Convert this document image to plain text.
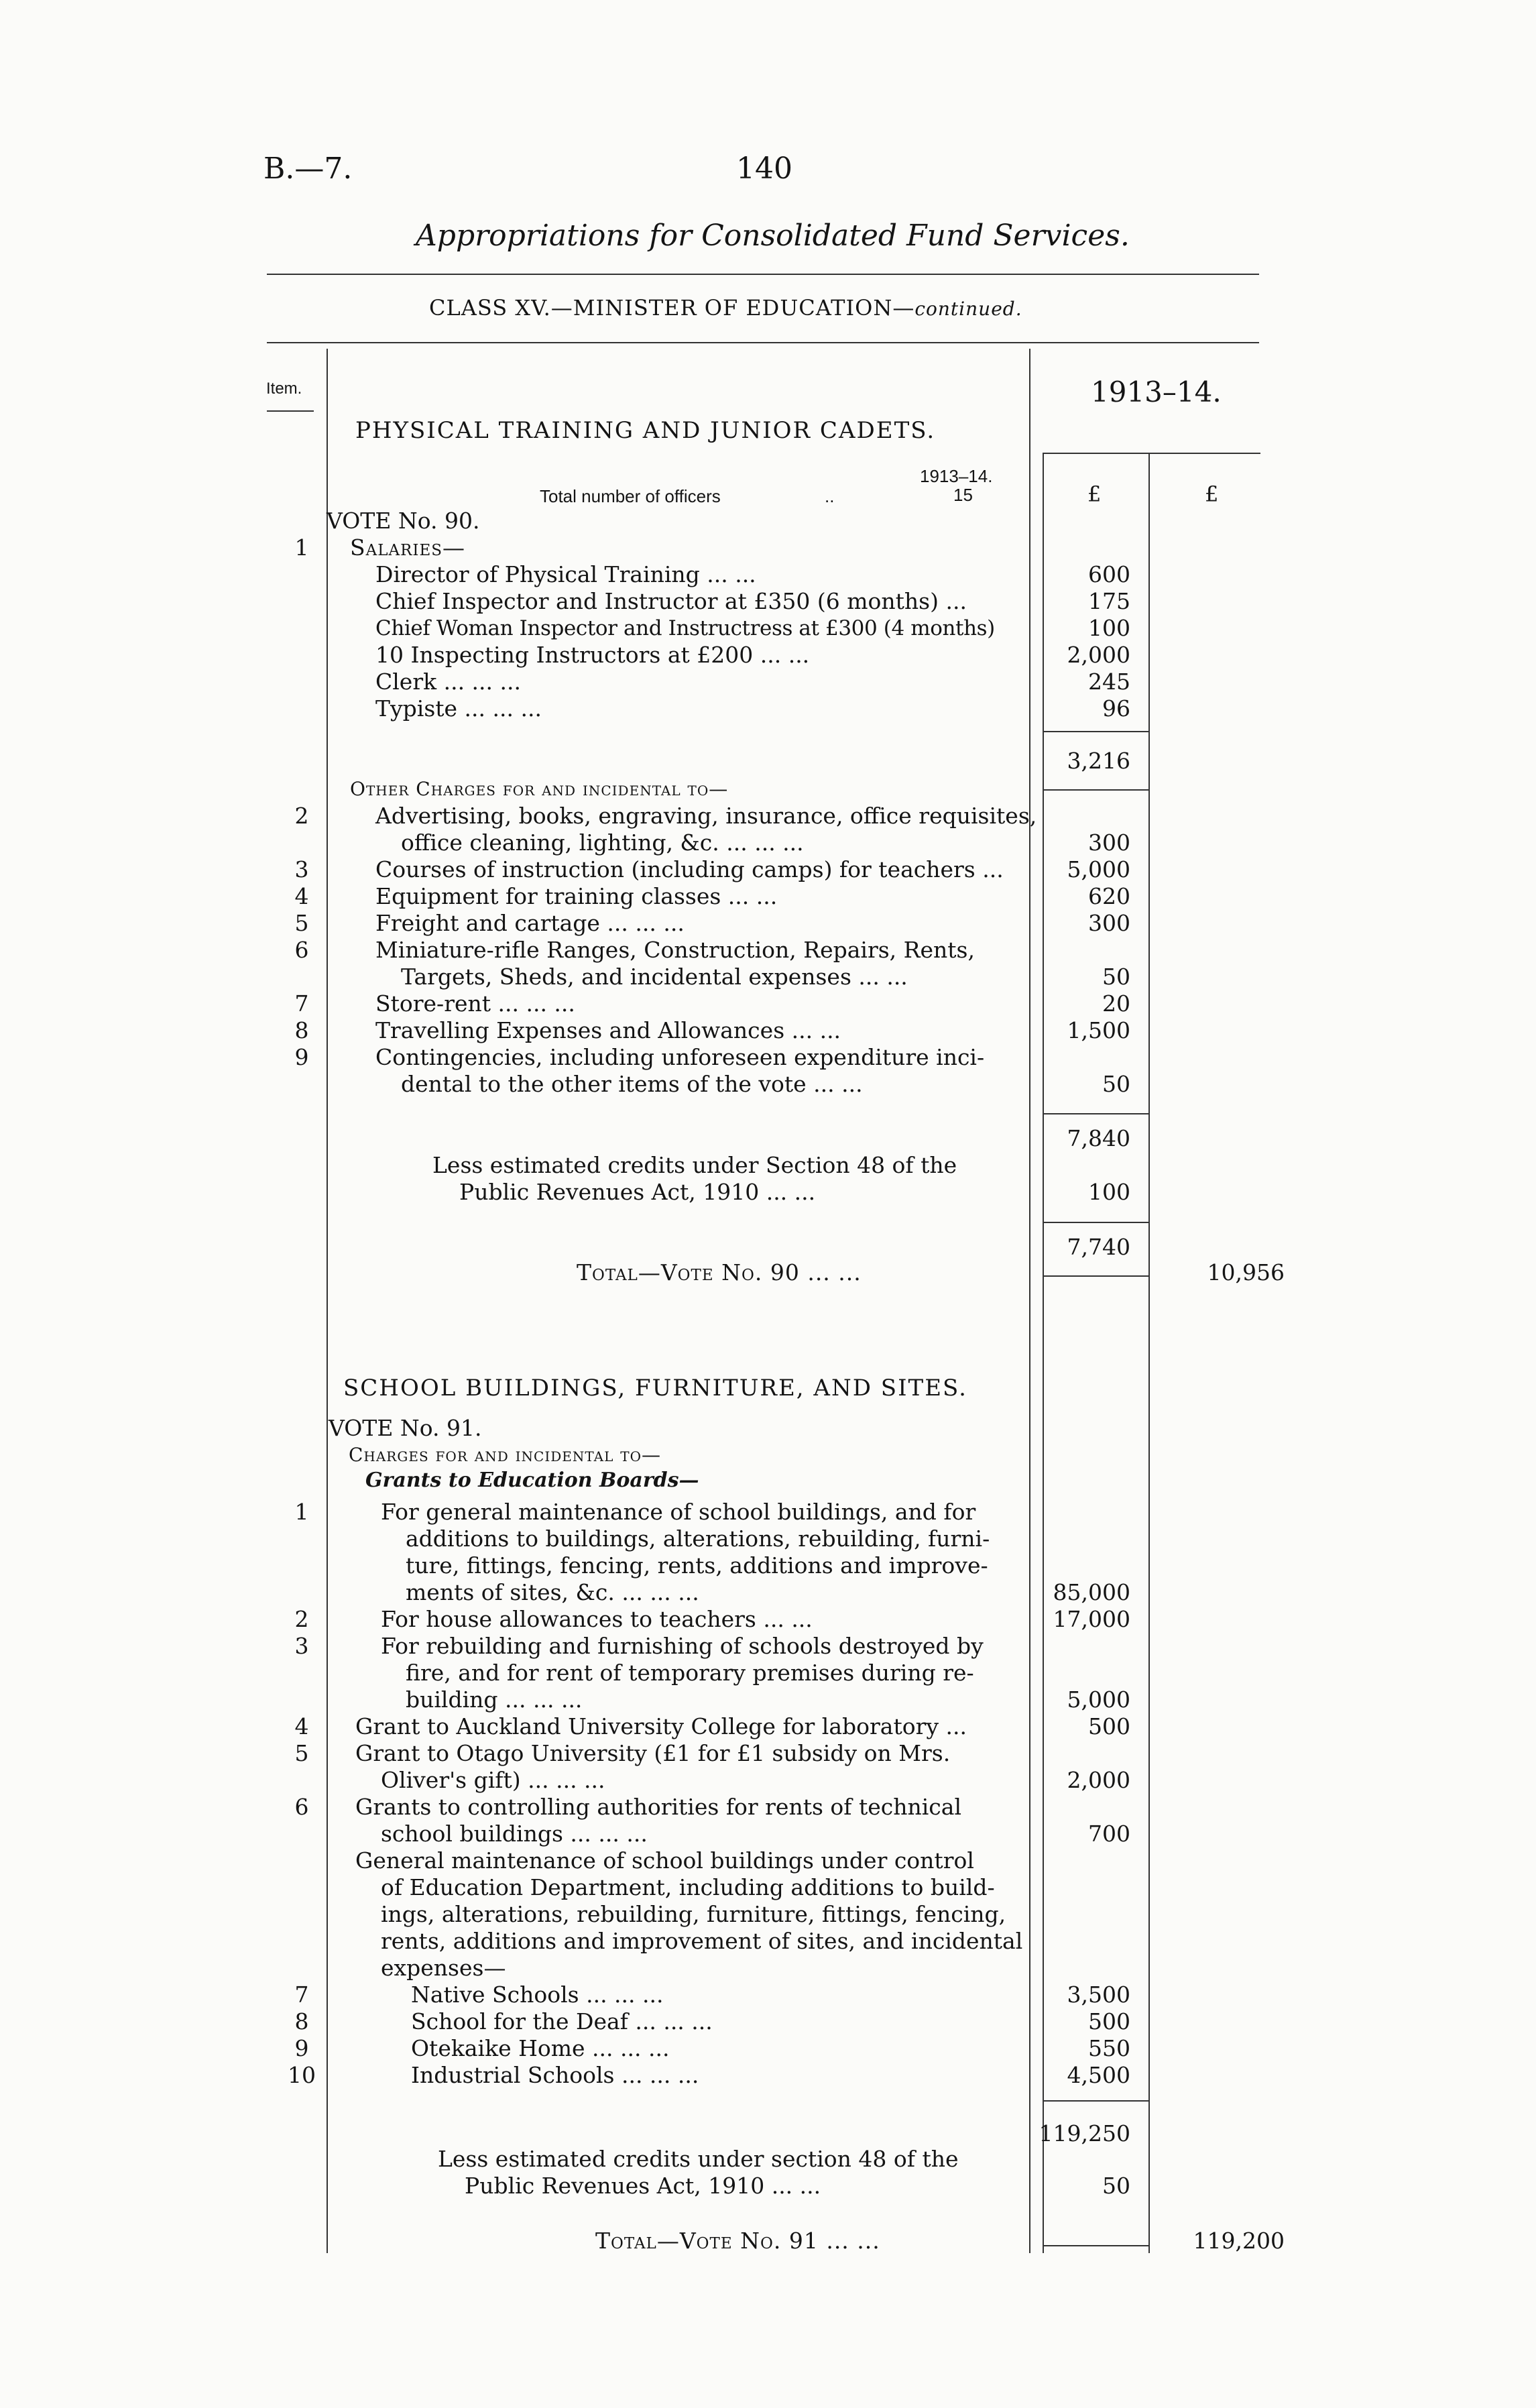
B.—7.	140
Appropriations for Consolidated Fund Services.
CLASS XV.—MINISTER OF EDUCATION—continued.
Item.	1913–14.
£	£
PHYSICAL TRAINING AND JUNIOR CADETS.
1913–14.
Total number of officers	..	15
VOTE No. 90.
1	Salaries—
Director of Physical Training ... ...	600
Chief Inspector and Instructor at £350 (6 months) ...	175
Chief Woman Inspector and Instructress at £300 (4 months)	100
10 Inspecting Instructors at £200 ... ...	2,000
Clerk ... ... ...	245
Typiste ... ... ...	96
3,216
Other Charges for and incidental to—
2	Advertising, books, engraving, insurance, office requisites,
office cleaning, lighting, &c. ... ... ...	300
3	Courses of instruction (including camps) for teachers ...	5,000
4	Equipment for training classes ... ...	620
5	Freight and cartage ... ... ...	300
6	Miniature-rifle Ranges, Construction, Repairs, Rents,
Targets, Sheds, and incidental expenses ... ...	50
7	Store-rent ... ... ...	20
8	Travelling Expenses and Allowances ... ...	1,500
9	Contingencies, including unforeseen expenditure inci-
dental to the other items of the vote ... ...	50
7,840
Less estimated credits under Section 48 of the
Public Revenues Act, 1910 ... ...	100
7,740
Total—Vote No. 90 ... ...	10,956
SCHOOL BUILDINGS, FURNITURE, AND SITES.
VOTE No. 91.
Charges for and incidental to—
Grants to Education Boards—
1	For general maintenance of school buildings, and for
additions to buildings, alterations, rebuilding, furni-
ture, fittings, fencing, rents, additions and improve-
ments of sites, &c. ... ... ...	85,000
2	For house allowances to teachers ... ...	17,000
3	For rebuilding and furnishing of schools destroyed by
fire, and for rent of temporary premises during re-
building ... ... ...	5,000
4	Grant to Auckland University College for laboratory ...	500
5	Grant to Otago University (£1 for £1 subsidy on Mrs.
Oliver's gift) ... ... ...	2,000
6	Grants to controlling authorities for rents of technical
school buildings ... ... ...	700
General maintenance of school buildings under control
of Education Department, including additions to build-
ings, alterations, rebuilding, furniture, fittings, fencing,
rents, additions and improvement of sites, and incidental
expenses—
7	Native Schools ... ... ...	3,500
8	School for the Deaf ... ... ...	500
9	Otekaike Home ... ... ...	550
10	Industrial Schools ... ... ...	4,500
119,250
Less estimated credits under section 48 of the
Public Revenues Act, 1910 ... ...	50
Total—Vote No. 91 ... ...	119,200
